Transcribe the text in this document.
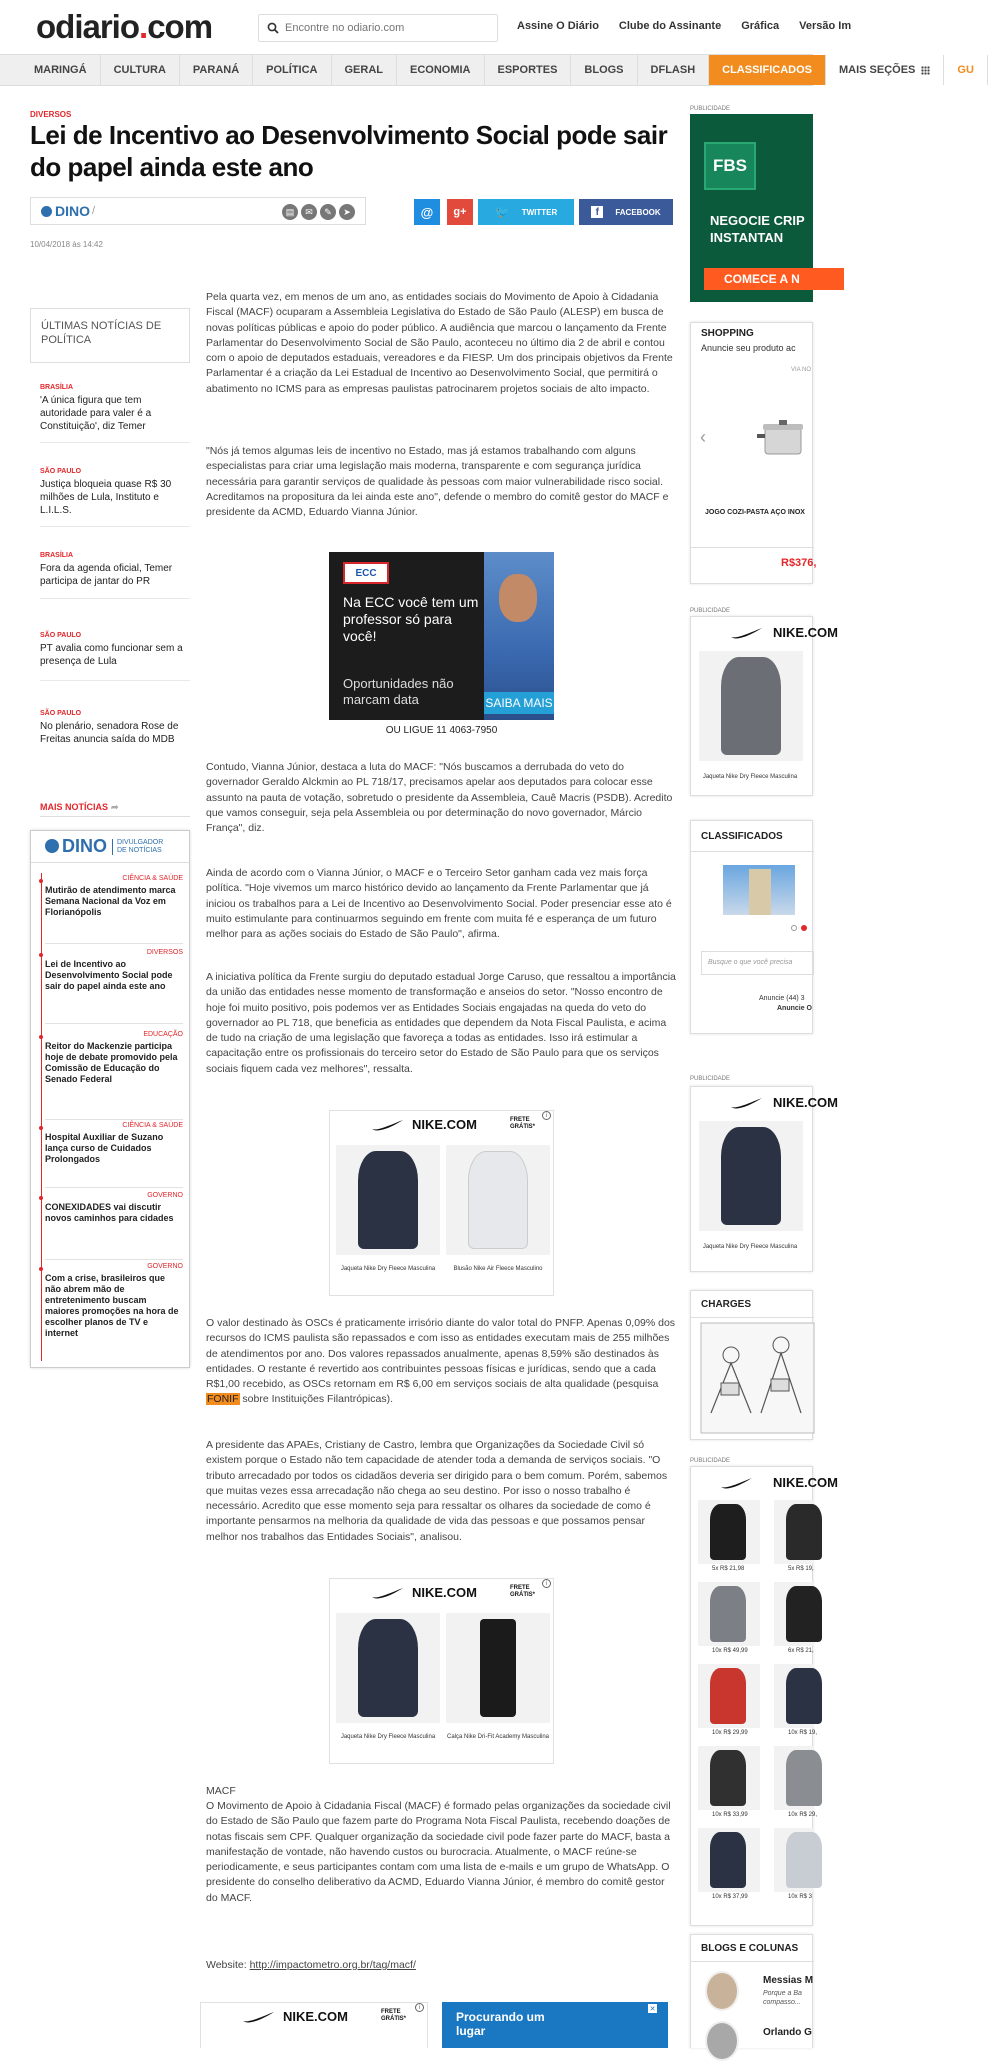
odiario.com
Encontre no odiario.com	Assine O Diário Clube do Assinante Gráfica Versão Im
MARINGÁ	CULTURA	PARANÁ	POLÍTICA	GERAL	ECONOMIA	ESPORTES	BLOGS	DFLASH	CLASSIFICADOS	MAIS SEÇÕES	GU
DIVERSOS
Lei de Incentivo ao Desenvolvimento Social pode sair do papel ainda este ano
DINO /	▤	✉	✎	➤	@ g+ 🐦 TWITTER	f	FACEBOOK
10/04/2018 às 14:42
ÚLTIMAS NOTÍCIAS DE POLÍTICA
BRASÍLIA
'A única figura que tem autoridade para valer é a Constituição', diz Temer
SÃO PAULO
Justiça bloqueia quase R$ 30 milhões de Lula, Instituto e L.I.L.S.
BRASÍLIA
Fora da agenda oficial, Temer participa de jantar do PR
SÃO PAULO
PT avalia como funcionar sem a presença de Lula
SÃO PAULO
No plenário, senadora Rose de Freitas anuncia saída do MDB
MAIS NOTÍCIAS ➦
DINO	DIVULGADOR
DE NOTÍCIAS
CIÊNCIA & SAÚDE
Mutirão de atendimento marca Semana Nacional da Voz em Florianópolis
DIVERSOS
Lei de Incentivo ao Desenvolvimento Social pode sair do papel ainda este ano
EDUCAÇÃO
Reitor do Mackenzie participa hoje de debate promovido pela Comissão de Educação do Senado Federal
CIÊNCIA & SAÚDE
Hospital Auxiliar de Suzano lança curso de Cuidados Prolongados
GOVERNO
CONEXIDADES vai discutir novos caminhos para cidades
GOVERNO
Com a crise, brasileiros que não abrem mão de entretenimento buscam maiores promoções na hora de escolher planos de TV e internet

Pela quarta vez, em menos de um ano, as entidades sociais do Movimento de Apoio à Cidadania Fiscal (MACF) ocuparam a Assembleia Legislativa do Estado de São Paulo (ALESP) em busca de novas políticas públicas e apoio do poder público. A audiência que marcou o lançamento da Frente Parlamentar do Desenvolvimento Social de São Paulo, aconteceu no último dia 2 de abril e contou com o apoio de deputados estaduais, vereadores e da FIESP. Um dos principais objetivos da Frente Parlamentar é a criação da Lei Estadual de Incentivo ao Desenvolvimento Social, que permitirá o abatimento no ICMS para as empresas paulistas patrocinarem projetos sociais de alto impacto.

"Nós já temos algumas leis de incentivo no Estado, mas já estamos trabalhando com alguns especialistas para criar uma legislação mais moderna, transparente e com segurança jurídica necessária para garantir serviços de qualidade às pessoas com maior vulnerabilidade risco social. Acreditamos na propositura da lei ainda este ano", defende o membro do comitê gestor do MACF e presidente da ACMD, Eduardo Vianna Júnior.

ECC
Na ECC você tem um professor só para você!
Oportunidades não marcam data	SAIBA MAIS
OU LIGUE 11 4063-7950

Contudo, Vianna Júnior, destaca a luta do MACF: "Nós buscamos a derrubada do veto do governador Geraldo Alckmin ao PL 718/17, precisamos apelar aos deputados para colocar esse assunto na pauta de votação, sobretudo o presidente da Assembleia, Cauê Macris (PSDB). Acredito que vamos conseguir, seja pela Assembleia ou por determinação do novo governador, Márcio França", diz.

Ainda de acordo com o Vianna Júnior, o MACF e o Terceiro Setor ganham cada vez mais força política. "Hoje vivemos um marco histórico devido ao lançamento da Frente Parlamentar que já iniciou os trabalhos para a Lei de Incentivo ao Desenvolvimento Social. Poder presenciar esse ato é muito estimulante para continuarmos seguindo em frente com muita fé e esperança de um futuro melhor para as ações sociais do Estado de São Paulo", afirma.

A iniciativa política da Frente surgiu do deputado estadual Jorge Caruso, que ressaltou a importância da união das entidades nesse momento de transformação e anseios do setor. "Nosso encontro de hoje foi muito positivo, pois podemos ver as Entidades Sociais engajadas na queda do veto do governador ao PL 718, que beneficia as entidades que dependem da Nota Fiscal Paulista, e acima de tudo na criação de uma legislação que favoreça a todas as entidades. Isso irá estimular a capacitação entre os profissionais do terceiro setor do Estado de São Paulo para que os serviços sociais fiquem cada vez melhores", ressalta.

NIKE.COM	FRETE GRÁTIS*
i
Jaqueta Nike Dry Fleece Masculina	Blusão Nike Air Fleece Masculino

O valor destinado às OSCs é praticamente irrisório diante do valor total do PNFP. Apenas 0,09% dos recursos do ICMS paulista são repassados e com isso as entidades executam mais de 255 milhões de atendimentos por ano. Dos valores repassados anualmente, apenas 8,59% são destinados às entidades. O restante é revertido aos contribuintes pessoas físicas e jurídicas, sendo que a cada R$1,00 recebido, as OSCs retornam em R$ 6,00 em serviços sociais de alta qualidade (pesquisa FONIF sobre Instituições Filantrópicas).

A presidente das APAEs, Cristiany de Castro, lembra que Organizações da Sociedade Civil só existem porque o Estado não tem capacidade de atender toda a demanda de serviços sociais. "O tributo arrecadado por todos os cidadãos deveria ser dirigido para o bem comum. Porém, sabemos que muitas vezes essa arrecadação não chega ao seu destino. Por isso o nosso trabalho é necessário. Acredito que esse momento seja para ressaltar os olhares da sociedade de como é importante pensarmos na melhoria da qualidade de vida das pessoas e que possamos pensar melhor nos trabalhos das Entidades Sociais", analisou.

NIKE.COM	FRETE GRÁTIS*
i
Jaqueta Nike Dry Fleece Masculina	Calça Nike Dri-Fit Academy Masculina

MACF

O Movimento de Apoio à Cidadania Fiscal (MACF) é formado pelas organizações da sociedade civil do Estado de São Paulo que fazem parte do Programa Nota Fiscal Paulista, recebendo doações de notas fiscais sem CPF. Qualquer organização da sociedade civil pode fazer parte do MACF, basta a manifestação de vontade, não havendo custos ou burocracia. Atualmente, o MACF reúne-se periodicamente, e seus participantes contam com uma lista de e-mails e um grupo de WhatsApp. O presidente do conselho deliberativo da ACMD, Eduardo Vianna Júnior, é membro do comitê gestor do MACF.

Website: http://impactometro.org.br/tag/macf/

NIKE.COM	FRETE GRÁTIS*
i
Procurando um lugar
✕
PUBLICIDADE
FBS
NEGOCIE CRIP INSTANTAN
COMECE A N
SHOPPING
Anuncie seu produto ac
VIA NO
JOGO COZI-PASTA AÇO INOX
R$376,
‹
PUBLICIDADE
NIKE.COM
Jaqueta Nike Dry Fleece Masculina
CLASSIFICADOS
Busque o que você precisa
Anuncie (44) 3
Anuncie O
PUBLICIDADE
NIKE.COM
Jaqueta Nike Dry Fleece Masculina
CHARGES
PUBLICIDADE
NIKE.COM
5x R$ 21,98	5x R$ 19,
10x R$ 49,99	6x R$ 21,
10x R$ 29,99	10x R$ 19,
10x R$ 33,99	10x R$ 29,
10x R$ 37,99	10x R$ 3
BLOGS E COLUNAS
Messias M
Porque a Ba compasso...
Orlando G
